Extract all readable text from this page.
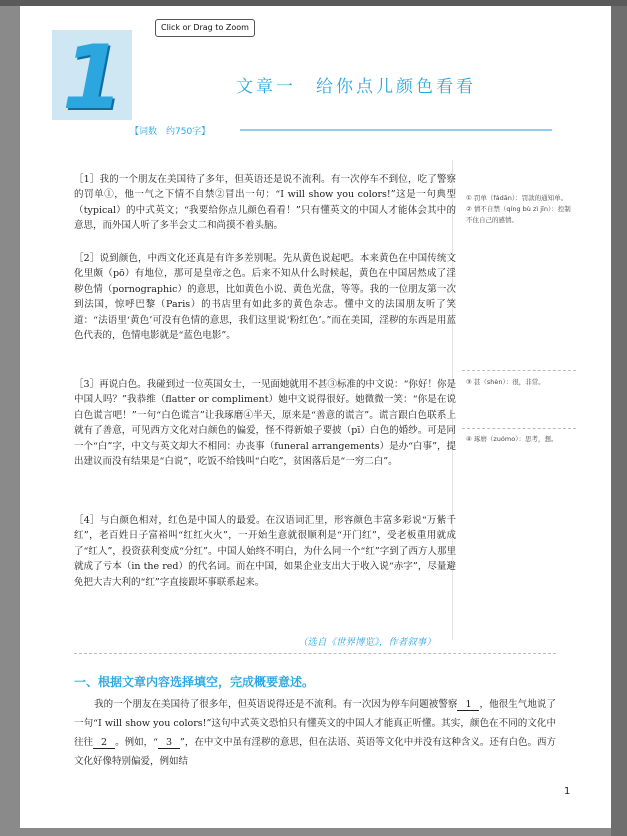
Click or Drag to Zoom
1	文章一　给你点儿颜色看看
【词数　约750字】

［1］我的一个朋友在美国待了多年，但英语还是说不流利。有一次停车不到位，吃了警察的罚单①，他一气之下情不自禁②冒出一句：“I will show you colors!”这是一句典型（typical）的中式英文；“我要给你点儿颜色看看！”只有懂英文的中国人才能体会其中的意思，而外国人听了多半会丈二和尚摸不着头脑。

［2］说到颜色，中西文化还真是有许多差别呢。先从黄色说起吧。本来黄色在中国传统文化里颇（pō）有地位，那可是皇帝之色。后来不知从什么时候起，黄色在中国居然成了淫秽色情（pornographic）的意思，比如黄色小说、黄色光盘，等等。我的一位朋友第一次到法国，惊呼巴黎（Paris）的书店里有如此多的黄色杂志。懂中文的法国朋友听了笑道：“法语里‘黄色’可没有色情的意思，我们这里说‘粉红色’。”而在美国，淫秽的东西是用蓝色代表的，色情电影就是“蓝色电影”。

［3］再说白色。我碰到过一位英国女士，一见面她就用不甚③标准的中文说：“你好！你是中国人吗？”我恭维（flatter or compliment）她中文说得很好。她微微一笑：“你是在说白色谎言吧！”一句“白色谎言”让我琢磨④半天，原来是“善意的谎言”。谎言跟白色联系上就有了善意，可见西方文化对白颜色的偏爱，怪不得新娘子要披（pī）白色的婚纱。可是同一个“白”字，中文与英文却大不相同：办丧事（funeral arrangements）是办“白事”，提出建议而没有结果是“白说”，吃饭不给钱叫“白吃”，贫困落后是“一穷二白”。

［4］与白颜色相对，红色是中国人的最爱。在汉语词汇里，形容颜色丰富多彩说“万紫千红”，老百姓日子富裕叫“红红火火”，一开始生意就很顺利是“开门红”，受老板重用就成了“红人”，投资获利变成“分红”。中国人始终不明白，为什么同一个“红”字到了西方人那里就成了亏本（in the red）的代名词。而在中国，如果企业支出大于收入说“赤字”，尽量避免把大吉大利的“红”字直接跟坏事联系起来。

① 罚单（fádān）：罚款的通知单。

② 情不自禁（qíng bù zì jīn）：控制不住自己的感情。

③ 甚（shèn）：很，非常。

④ 琢磨（zuómo）：思考，想。

（选自《世界博览》，作者叙事）
一、根据文章内容选择填空，完成概要意述。

我的一个朋友在美国待了很多年，但英语说得还是不流利。有一次因为停车问题被警察 1 ，他很生气地说了一句“I will show you colors!”这句中式英文恐怕只有懂英文的中国人才能真正听懂。其实，颜色在不同的文化中往往 2 。例如，“ 3 ”，在中文中虽有淫秽的意思，但在法语、英语等文化中并没有这种含义。还有白色。西方文化好像特别偏爱，例如结

1
